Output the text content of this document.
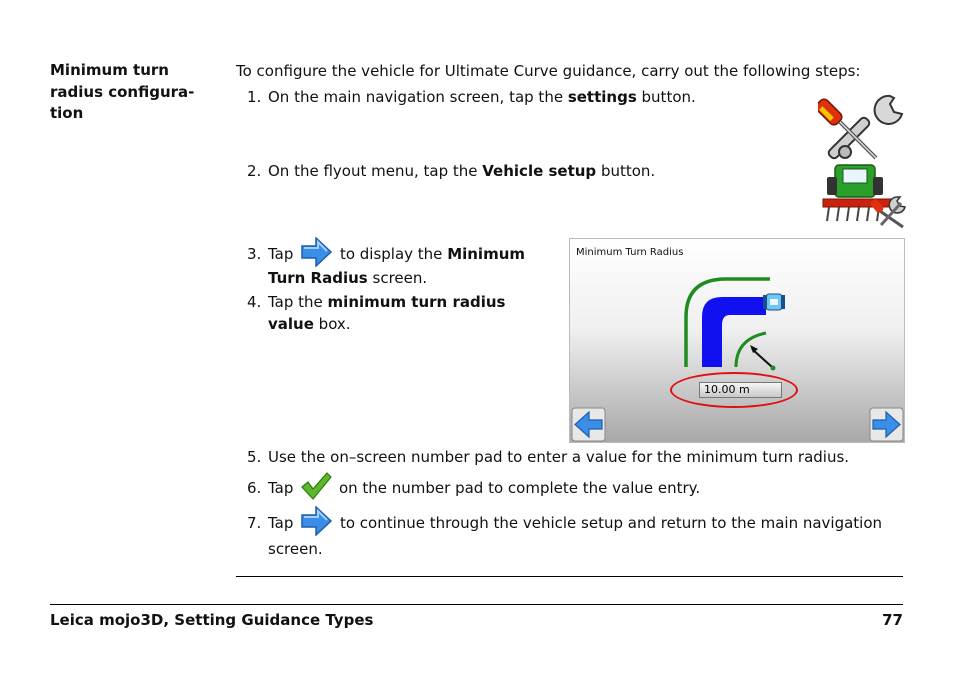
Minimum turn
radius configura-
tion
To configure the vehicle for Ultimate Curve guidance, carry out the following steps:
1. On the main navigation screen, tap the settings button.
2. On the flyout menu, tap the Vehicle setup button.
3. Tap  to display the Minimum
Turn Radius screen.
4. Tap the minimum turn radius
value box.
Minimum Turn Radius
10.00 m
5. Use the on–screen number pad to enter a value for the minimum turn radius.
6. Tap  on the number pad to complete the value entry.
7. Tap  to continue through the vehicle setup and return to the main navigation
screen.
Leica mojo3D, Setting Guidance Types	77
